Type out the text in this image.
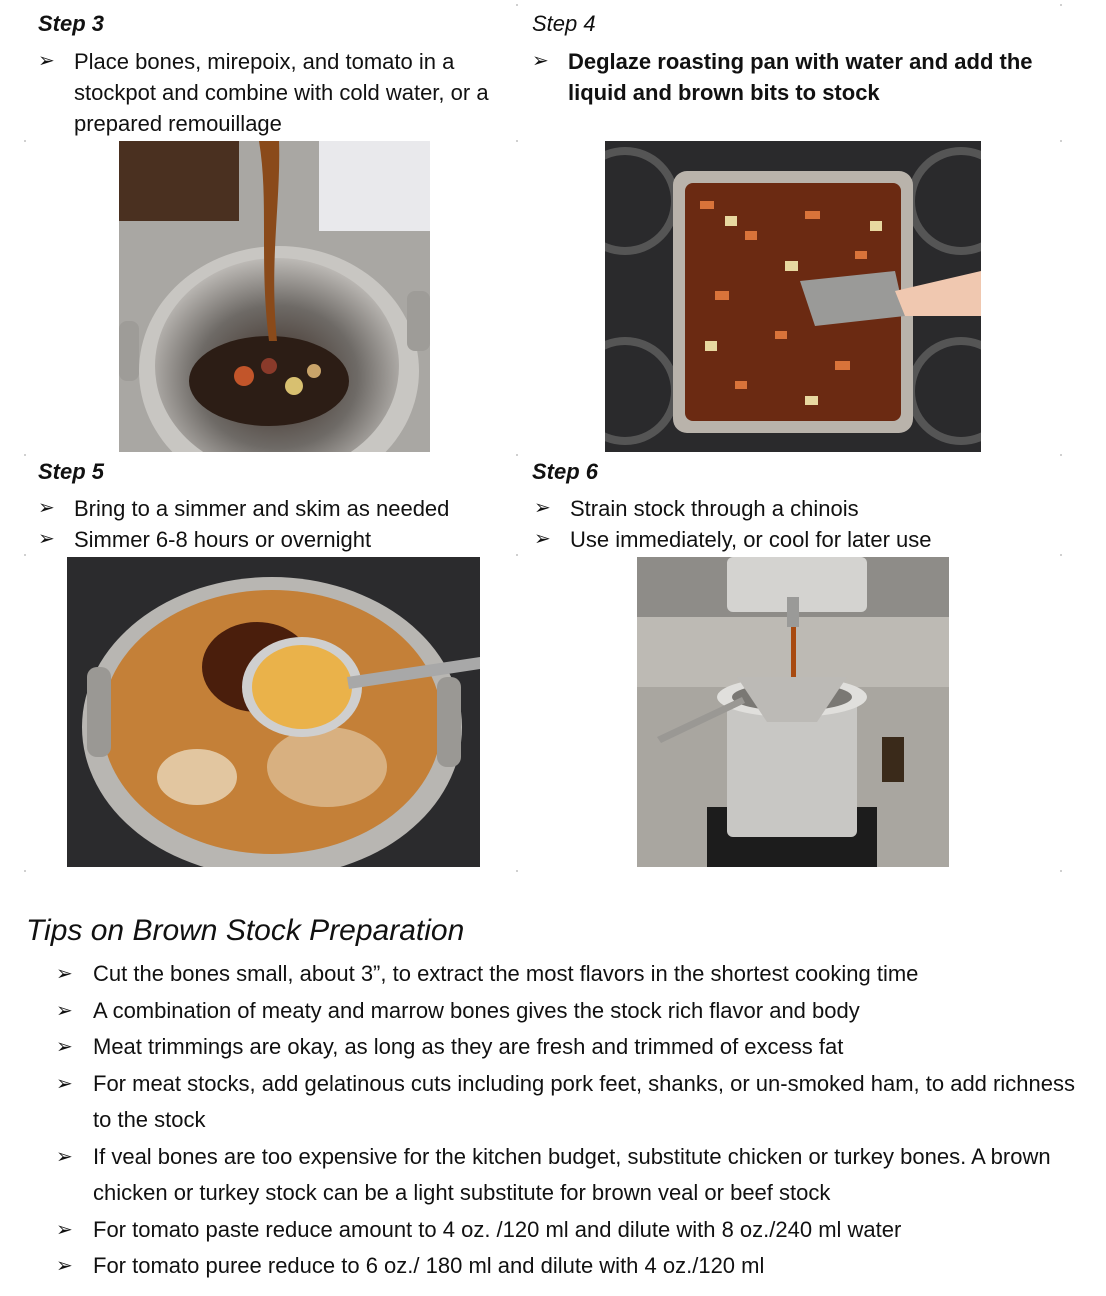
Step 3
➢ Place bones, mirepoix, and tomato in a stockpot and combine with cold water, or a prepared remouillage
Step 4
➢ Deglaze roasting pan with water and add the liquid and brown bits to stock
Step 5
➢ Bring to a simmer and skim as needed
➢ Simmer 6-8 hours or overnight
Step 6
➢ Strain stock through a chinois
➢ Use immediately, or cool for later use
Tips on Brown Stock Preparation
➢ Cut the bones small, about 3”, to extract the most flavors in the shortest cooking time
➢ A combination of meaty and marrow bones gives the stock rich flavor and body
➢ Meat trimmings are okay, as long as they are fresh and trimmed of excess fat
➢ For meat stocks, add gelatinous cuts including pork feet, shanks, or un-smoked ham, to add richness to the stock
➢ If veal bones are too expensive for the kitchen budget, substitute chicken or turkey bones. A brown chicken or turkey stock can be a light substitute for brown veal or beef stock
➢ For tomato paste reduce amount to 4 oz. /120 ml and dilute with 8 oz./240 ml water
➢ For tomato puree reduce to 6 oz./ 180 ml and dilute with 4 oz./120 ml
